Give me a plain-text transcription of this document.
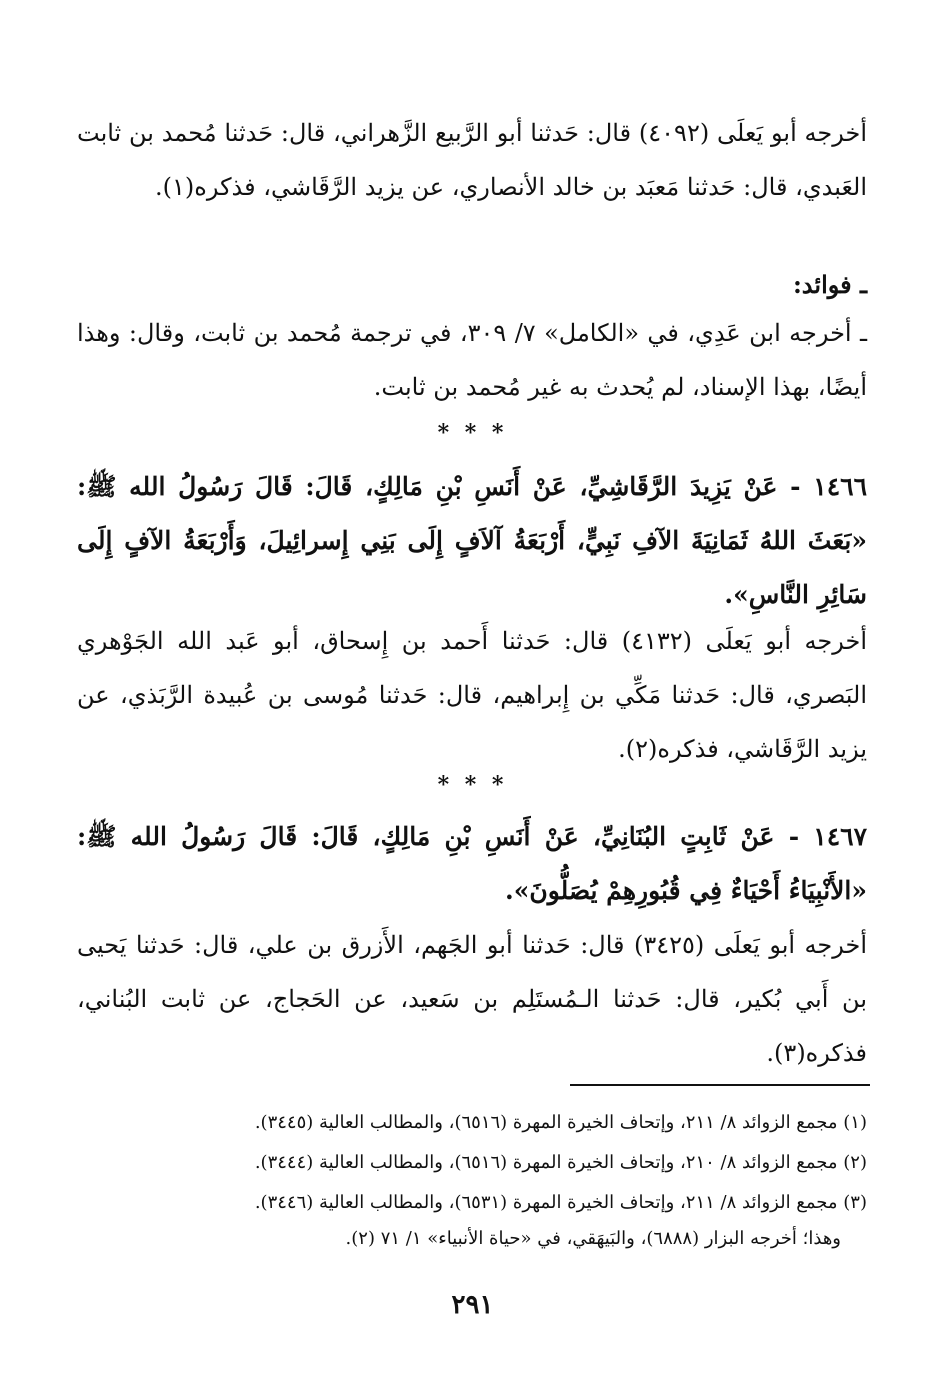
أخرجه أبو يَعلَى (٤٠٩٢) قال: حَدثنا أبو الرَّبيع الزَّهراني، قال: حَدثنا مُحمد بن ثابت العَبدي، قال: حَدثنا مَعبَد بن خالد الأنصاري، عن يزيد الرَّقَاشي، فذكره(١).

ـ فوائد:

ـ أخرجه ابن عَدِي، في «الكامل» ٧/ ٣٠٩، في ترجمة مُحمد بن ثابت، وقال: وهذا أيضًا، بهذا الإسناد، لم يُحدث به غير مُحمد بن ثابت.

* * *

١٤٦٦ - عَنْ يَزِيدَ الرَّقَاشِيِّ، عَنْ أَنَسِ بْنِ مَالِكٍ، قَالَ: قَالَ رَسُولُ الله ﷺ: «بَعَثَ اللهُ ثَمَانِيَةَ الآفِ نَبِيٍّ، أَرْبَعَةُ آلاَفٍ إِلَى بَنِي إِسرائِيلَ، وَأَرْبَعَةُ الآفٍ إِلَى سَائِرِ النَّاسِ».

أخرجه أبو يَعلَى (٤١٣٢) قال: حَدثنا أَحمد بن إِسحاق، أبو عَبد الله الجَوْهري البَصري، قال: حَدثنا مَكِّي بن إِبراهيم، قال: حَدثنا مُوسى بن عُبيدة الرَّبَذي، عن يزيد الرَّقَاشي، فذكره(٢).

* * *

١٤٦٧ - عَنْ ثَابِتٍ البُنَانِيِّ، عَنْ أَنَسِ بْنِ مَالِكٍ، قَالَ: قَالَ رَسُولُ الله ﷺ: «الأَنْبِيَاءُ أَحْيَاءٌ فِي قُبُورِهِمْ يُصَلُّونَ».

أخرجه أبو يَعلَى (٣٤٢٥) قال: حَدثنا أبو الجَهم، الأَزرق بن علي، قال: حَدثنا يَحيى بن أَبي بُكير، قال: حَدثنا الـمُستَلِم بن سَعيد، عن الحَجاج، عن ثابت البُناني، فذكره(٣).

(١) مجمع الزوائد ٨/ ٢١١، وإتحاف الخيرة المهرة (٦٥١٦)، والمطالب العالية (٣٤٤٥).

(٢) مجمع الزوائد ٨/ ٢١٠، وإتحاف الخيرة المهرة (٦٥١٦)، والمطالب العالية (٣٤٤٤).

(٣) مجمع الزوائد ٨/ ٢١١، وإتحاف الخيرة المهرة (٦٥٣١)، والمطالب العالية (٣٤٤٦).

وهذا؛ أخرجه البزار (٦٨٨٨)، والبَيهَقي، في «حياة الأنبياء» ١/ ٧١ (٢).

٢٩١
